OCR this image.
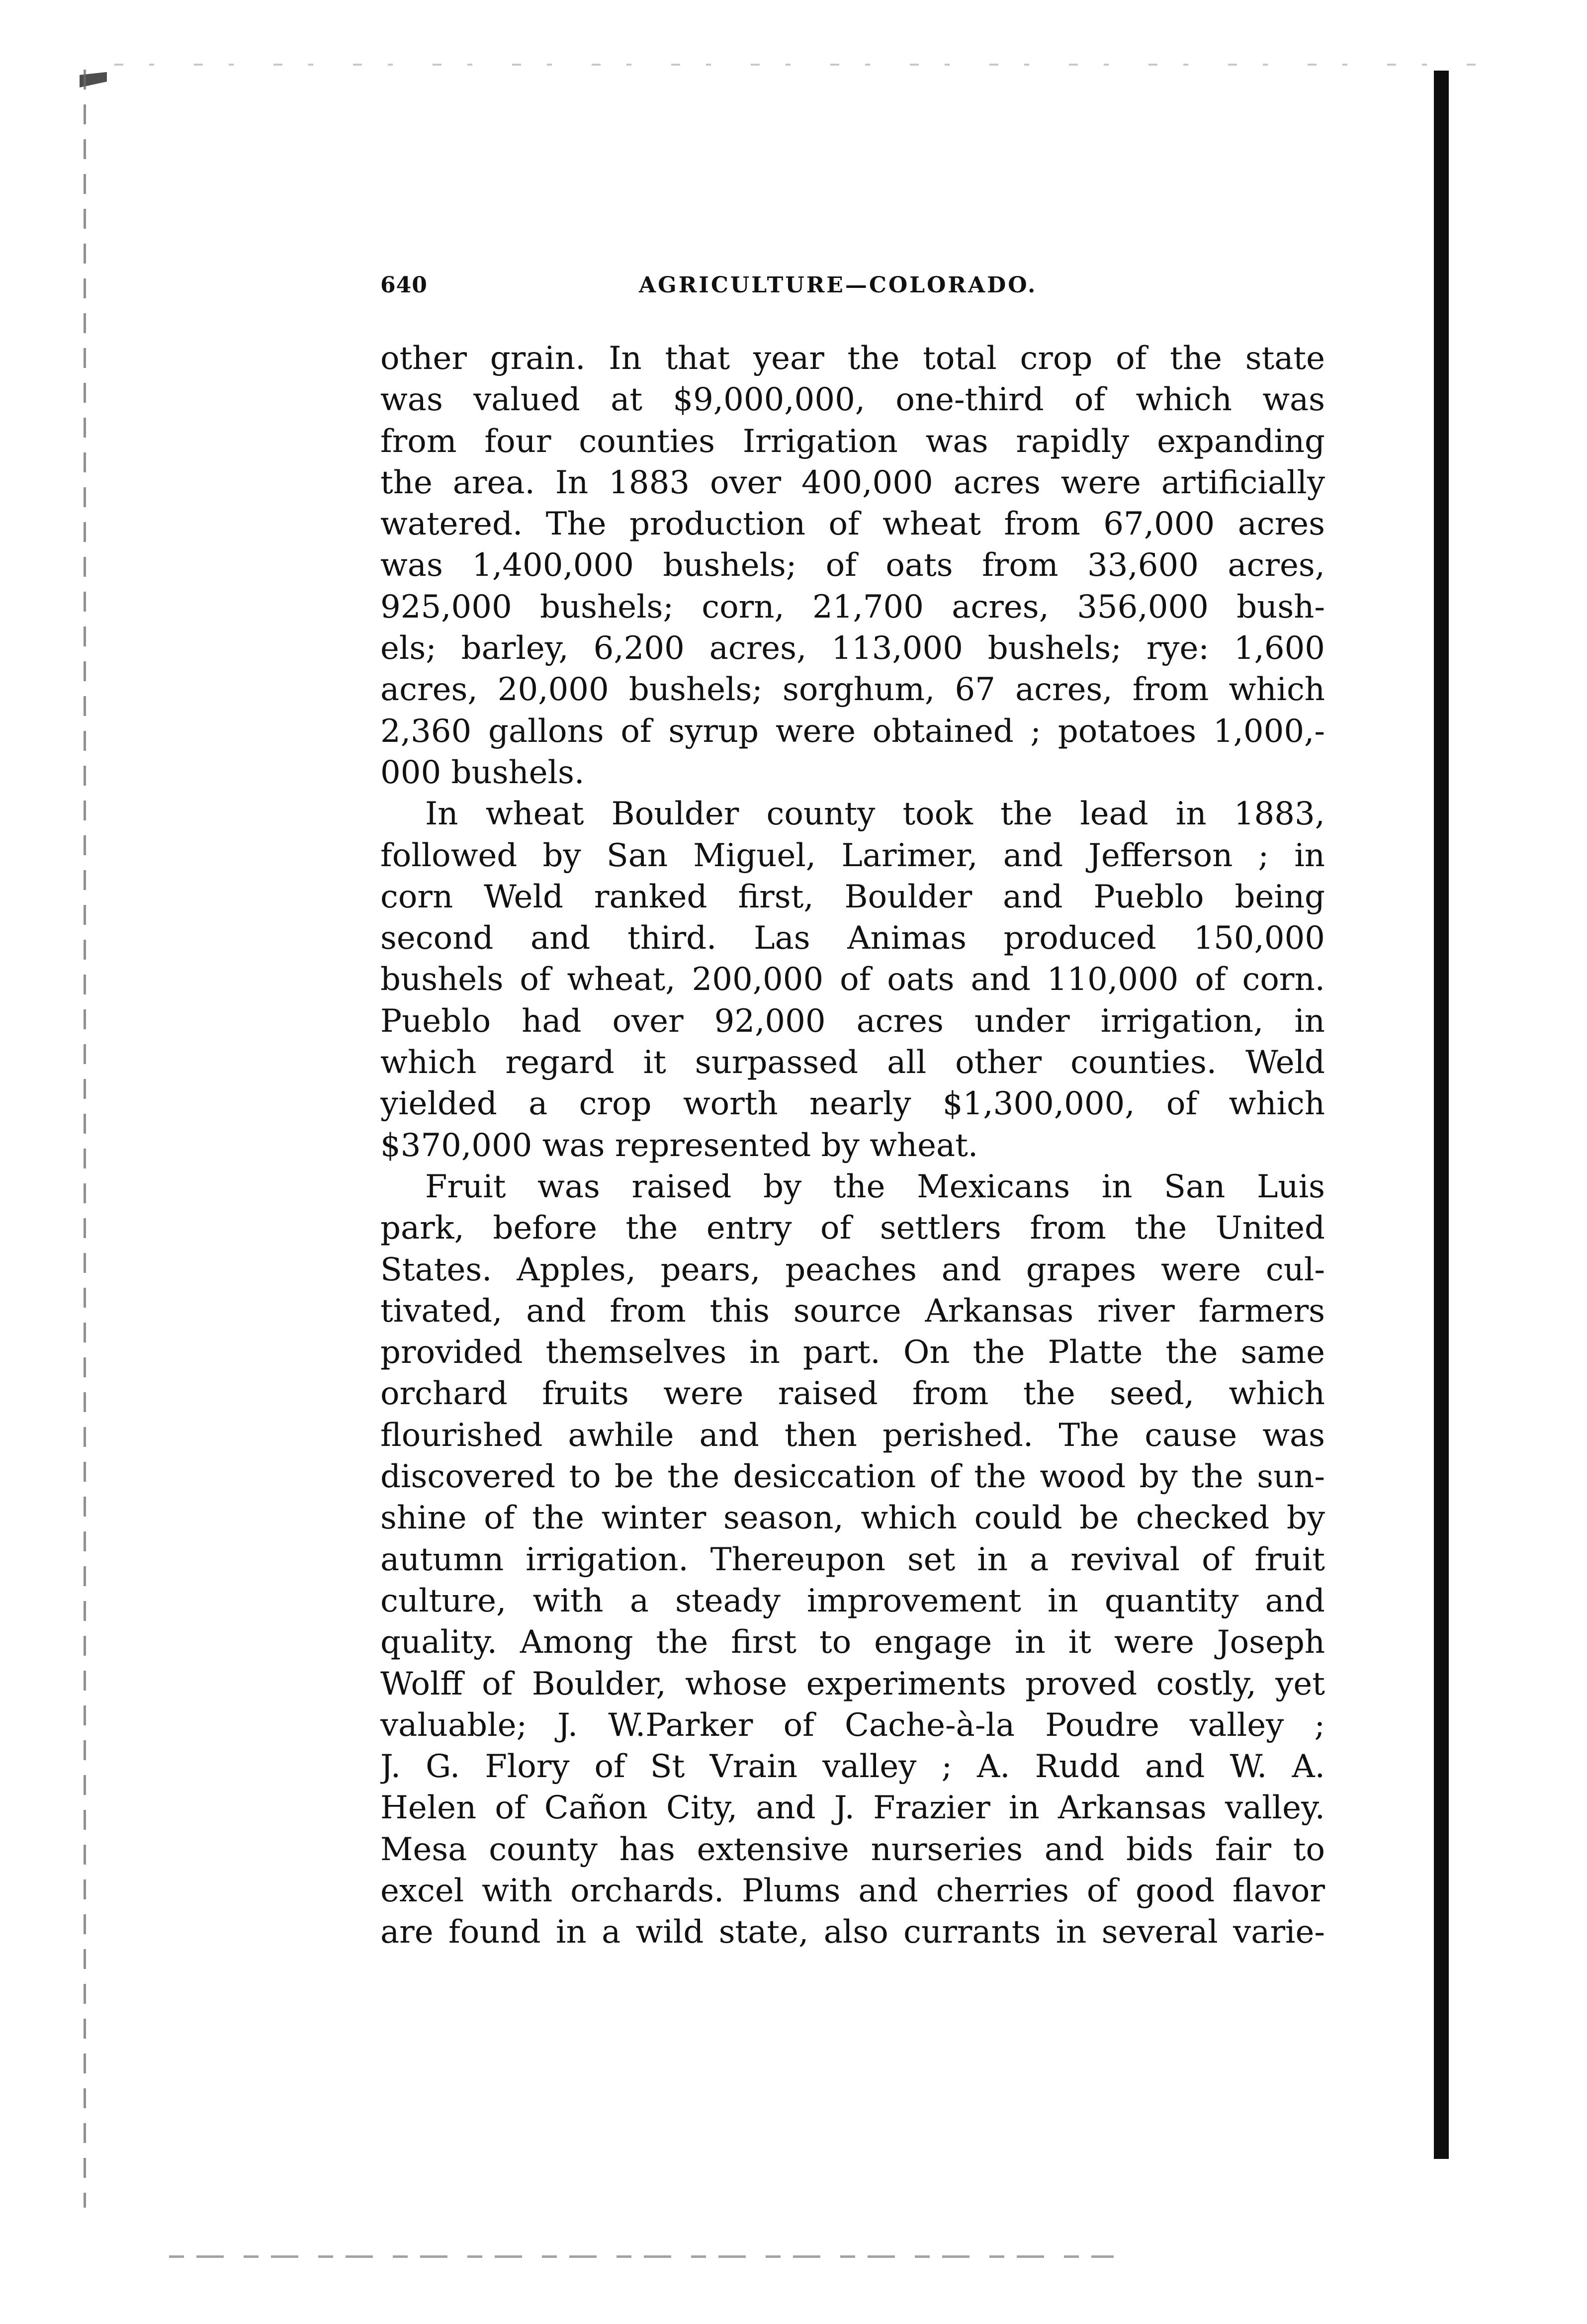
640	AGRICULTURE—COLORADO.
other grain. In that year the total crop of the state
was valued at $9,000,000, one-third of which was
from four counties Irrigation was rapidly expanding
the area. In 1883 over 400,000 acres were artificially
watered. The production of wheat from 67,000 acres
was 1,400,000 bushels; of oats from 33,600 acres,
925,000 bushels; corn, 21,700 acres, 356,000 bush-
els; barley, 6,200 acres, 113,000 bushels; rye: 1,600
acres, 20,000 bushels; sorghum, 67 acres, from which
2,360 gallons of syrup were obtained ; potatoes 1,000,-
000 bushels.
In wheat Boulder county took the lead in 1883,
followed by San Miguel, Larimer, and Jefferson ; in
corn Weld ranked first, Boulder and Pueblo being
second and third. Las Animas produced 150,000
bushels of wheat, 200,000 of oats and 110,000 of corn.
Pueblo had over 92,000 acres under irrigation, in
which regard it surpassed all other counties. Weld
yielded a crop worth nearly $1,300,000, of which
$370,000 was represented by wheat.
Fruit was raised by the Mexicans in San Luis
park, before the entry of settlers from the United
States. Apples, pears, peaches and grapes were cul-
tivated, and from this source Arkansas river farmers
provided themselves in part. On the Platte the same
orchard fruits were raised from the seed, which
flourished awhile and then perished. The cause was
discovered to be the desiccation of the wood by the sun-
shine of the winter season, which could be checked by
autumn irrigation. Thereupon set in a revival of fruit
culture, with a steady improvement in quantity and
quality. Among the first to engage in it were Joseph
Wolff of Boulder, whose experiments proved costly, yet
valuable; J. W.Parker of Cache-à-la Poudre valley ;
J. G. Flory of St Vrain valley ; A. Rudd and W. A.
Helen of Cañon City, and J. Frazier in Arkansas valley.
Mesa county has extensive nurseries and bids fair to
excel with orchards. Plums and cherries of good flavor
are found in a wild state, also currants in several varie-
